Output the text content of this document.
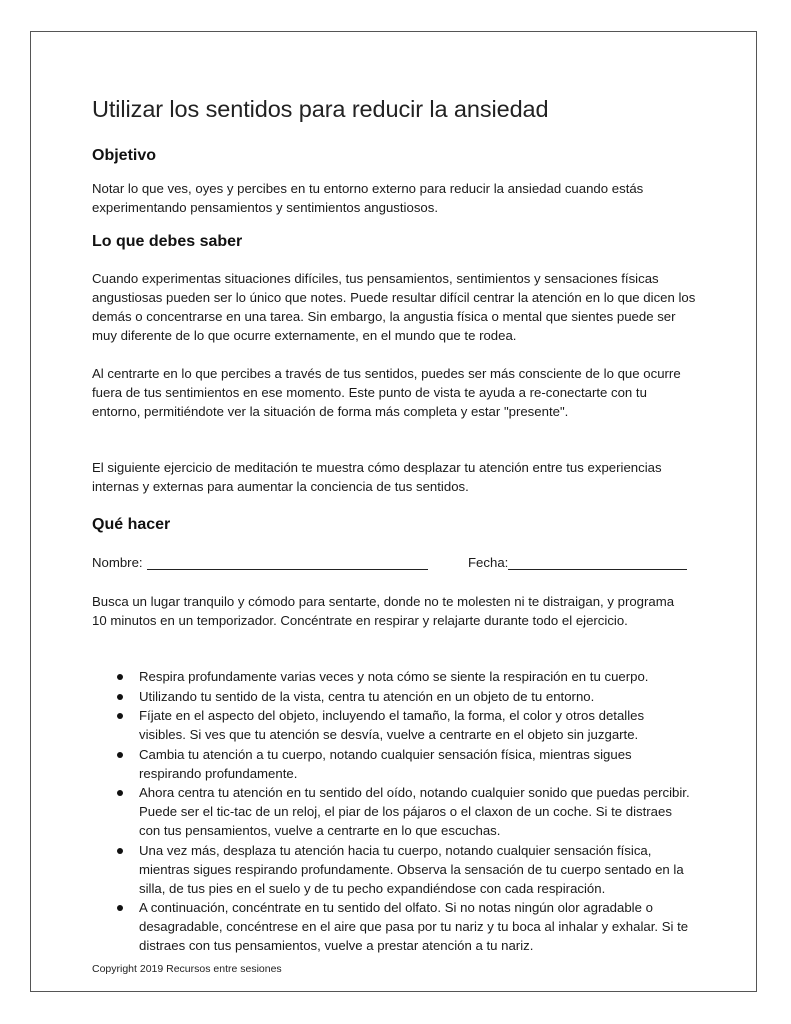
Utilizar los sentidos para reducir la ansiedad
Objetivo

Notar lo que ves, oyes y percibes en tu entorno externo para reducir la ansiedad cuando estás experimentando pensamientos y sentimientos angustiosos.

Lo que debes saber

Cuando experimentas situaciones difíciles, tus pensamientos, sentimientos y sensaciones físicas angustiosas pueden ser lo único que notes. Puede resultar difícil centrar la atención en lo que dicen los demás o concentrarse en una tarea. Sin embargo, la angustia física o mental que sientes puede ser muy diferente de lo que ocurre externamente, en el mundo que te rodea.

Al centrarte en lo que percibes a través de tus sentidos, puedes ser más consciente de lo que ocurre fuera de tus sentimientos en ese momento. Este punto de vista te ayuda a re-conectarte con tu entorno, permitiéndote ver la situación de forma más completa y estar "presente".

El siguiente ejercicio de meditación te muestra cómo desplazar tu atención entre tus experiencias internas y externas para aumentar la conciencia de tus sentidos.

Qué hacer
Nombre:	Fecha:

Busca un lugar tranquilo y cómodo para sentarte, donde no te molesten ni te distraigan, y programa 10 minutos en un temporizador. Concéntrate en respirar y relajarte durante todo el ejercicio.

Respira profundamente varias veces y nota cómo se siente la respiración en tu cuerpo.
Utilizando tu sentido de la vista, centra tu atención en un objeto de tu entorno.
Fíjate en el aspecto del objeto, incluyendo el tamaño, la forma, el color y otros detalles visibles. Si ves que tu atención se desvía, vuelve a centrarte en el objeto sin juzgarte.
Cambia tu atención a tu cuerpo, notando cualquier sensación física, mientras sigues respirando profundamente.
Ahora centra tu atención en tu sentido del oído, notando cualquier sonido que puedas percibir. Puede ser el tic-tac de un reloj, el piar de los pájaros o el claxon de un coche. Si te distraes con tus pensamientos, vuelve a centrarte en lo que escuchas.
Una vez más, desplaza tu atención hacia tu cuerpo, notando cualquier sensación física, mientras sigues respirando profundamente. Observa la sensación de tu cuerpo sentado en la silla, de tus pies en el suelo y de tu pecho expandiéndose con cada respiración.
A continuación, concéntrate en tu sentido del olfato. Si no notas ningún olor agradable o desagradable, concéntrese en el aire que pasa por tu nariz y tu boca al inhalar y exhalar. Si te distraes con tus pensamientos, vuelve a prestar atención a tu nariz.
Copyright 2019 Recursos entre sesiones
